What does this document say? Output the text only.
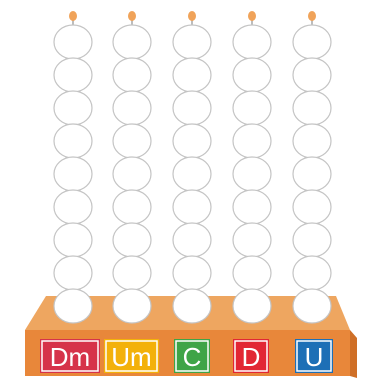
Dm Um C D U
